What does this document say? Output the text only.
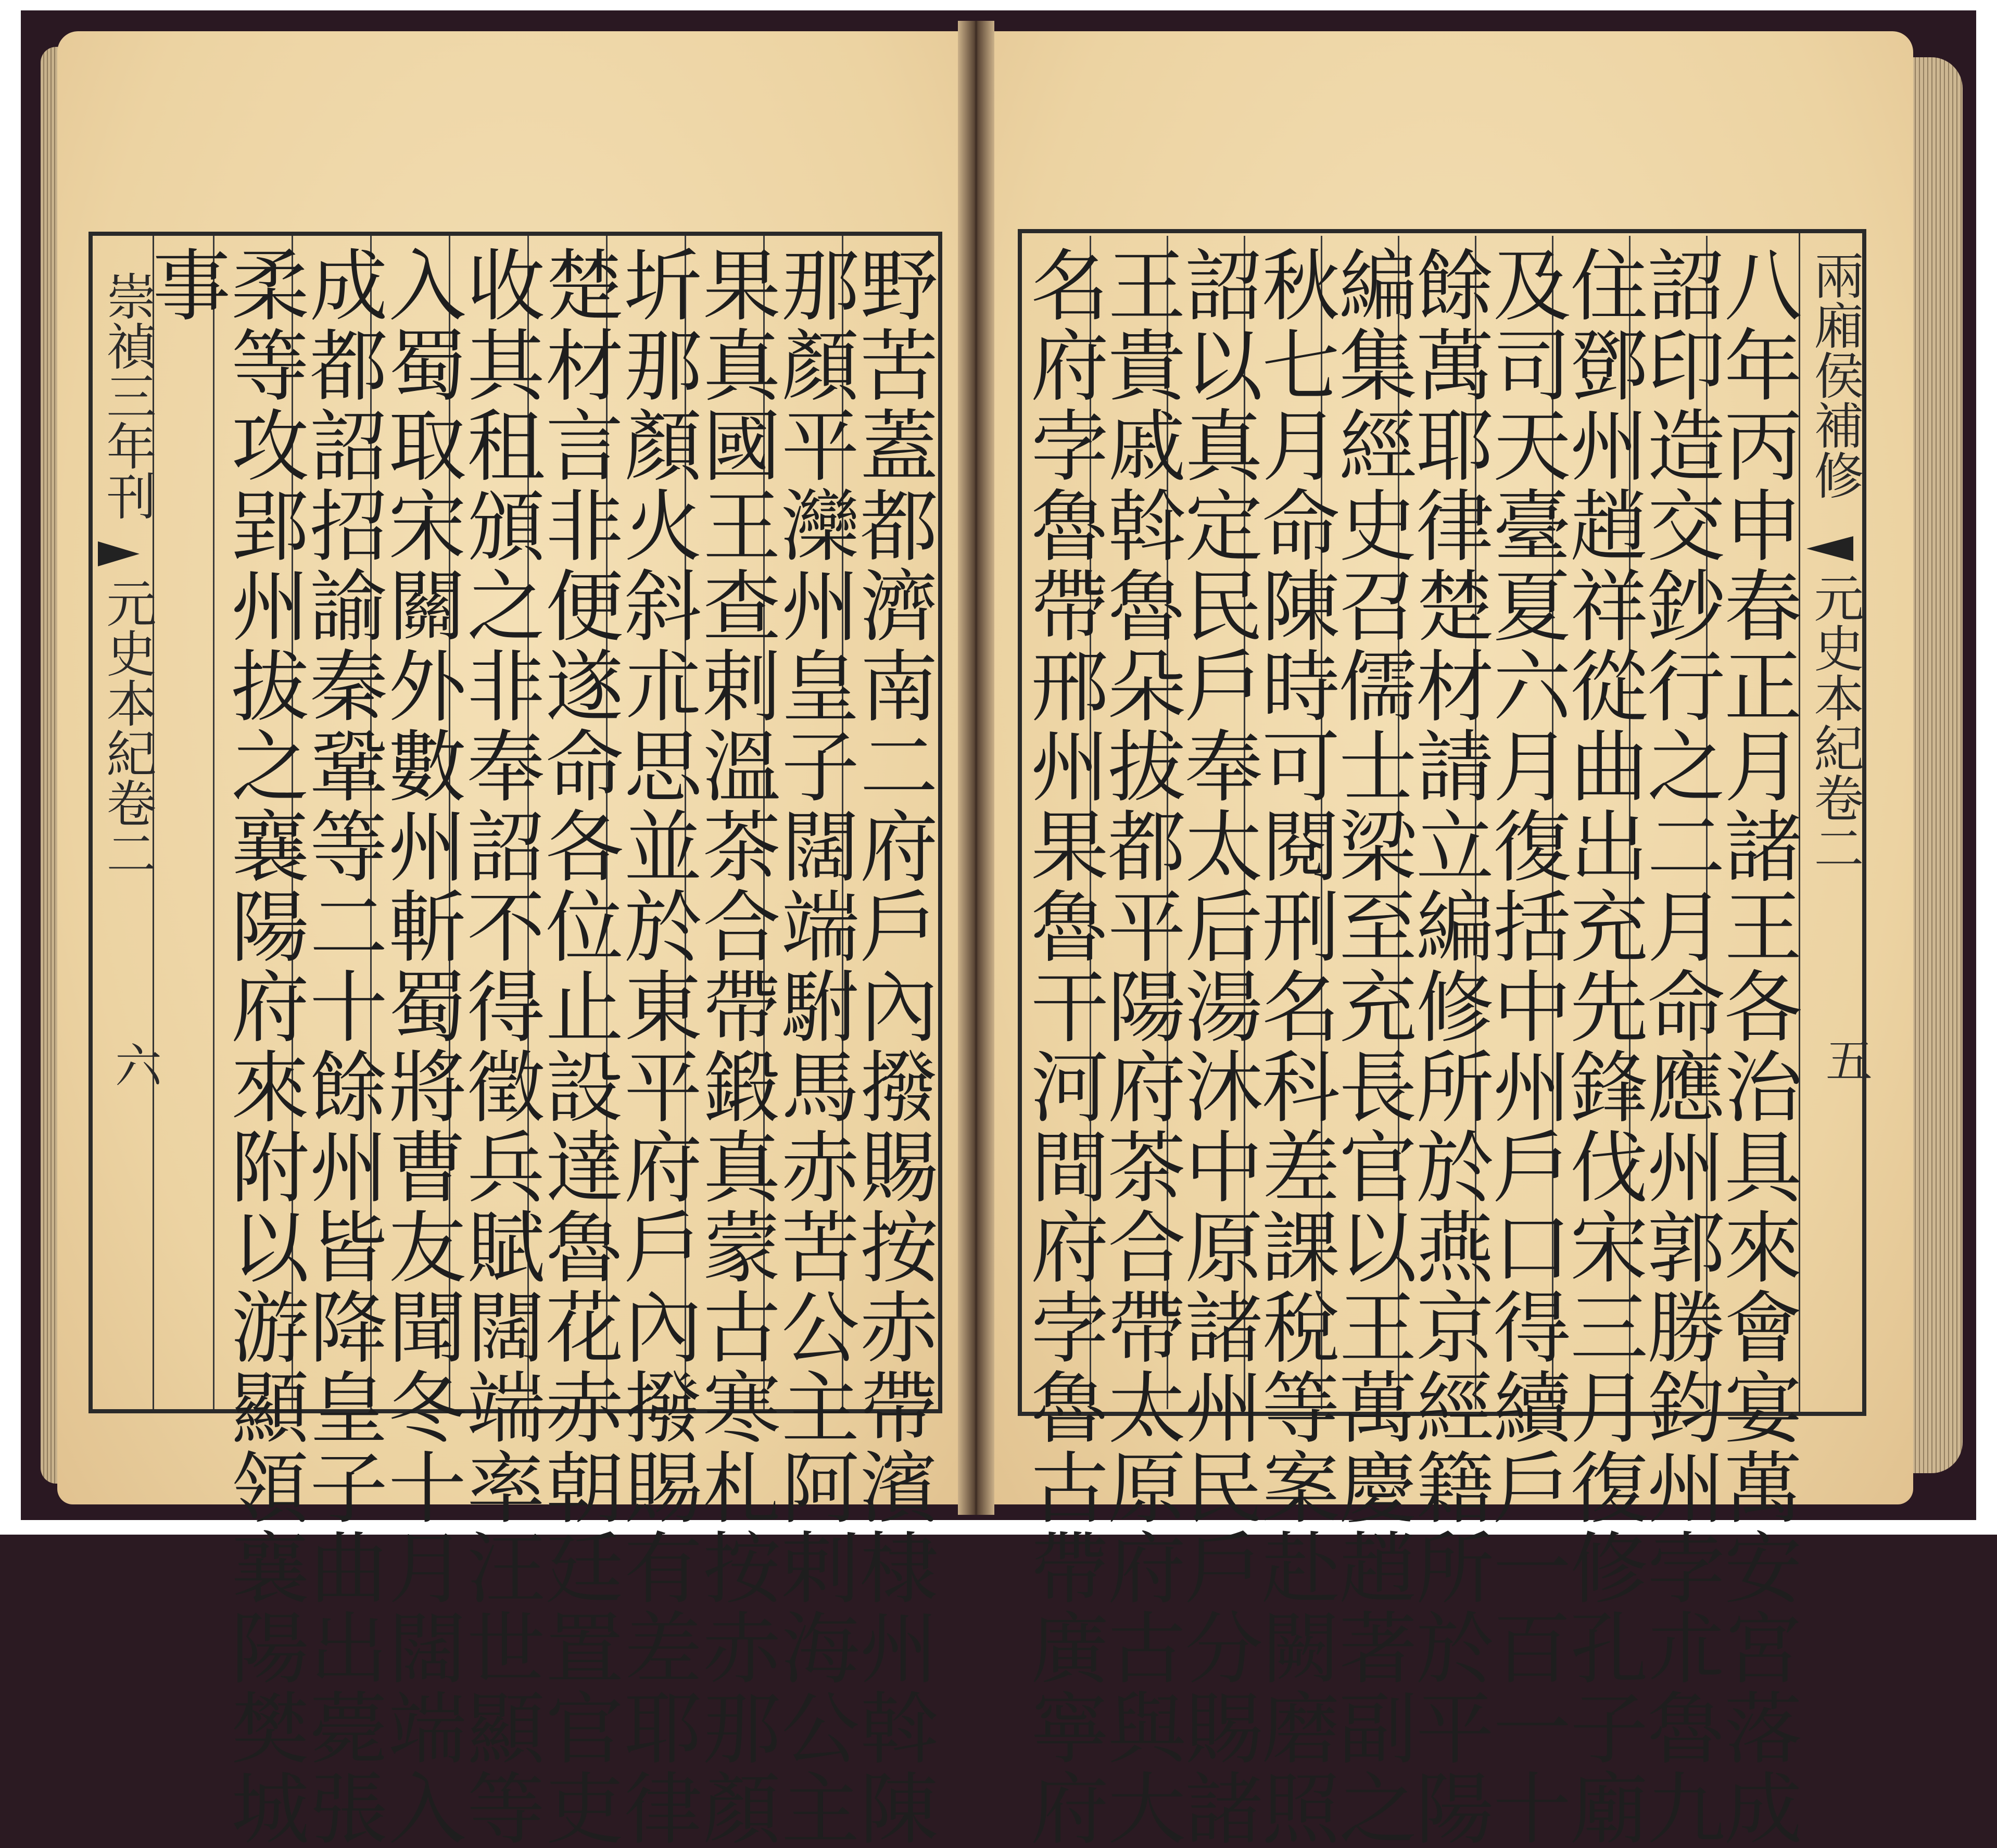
崇禎三年刊
元史本紀卷二
六	野苦蓋都濟南二府戶內撥賜按赤帶濱棣州斡陳
那顏平灤州皇子闊端駙馬赤苦公主阿剌海公主
果真國王查剌溫茶合帶鍛真蒙古寒札按赤那顏
圻那顏火斜朮思並於東平府戶內撥賜有差耶律
楚材言非便遂命各位止設達魯花赤朝廷置官吏
收其租頒之非奉詔不得徵兵賦闊端率汪世顯等
入蜀取宋關外數州斬蜀將曹友聞冬十月闊端入
成都詔招諭秦鞏等二十餘州皆降皇子曲出薨張
柔等攻郢州拔之襄陽府來附以游顯領襄陽樊城
事	兩廂侯補修
元史本紀卷二
五
八年丙申春正月諸王各治具來會宴萬安宮落成
詔印造交鈔行之二月命應州郭勝鈞州孛朮魯九
住鄧州趙祥從曲出充先鋒伐宋三月復修孔子廟
及司天臺夏六月復括中州戶口得續戶一百一十
餘萬耶律楚材請立編修所於燕京經籍所於平陽
編集經史召儒士梁至充長官以王萬慶趙著副之
秋七月命陳時可閱刑名科差課稅等案赴闕磨照
詔以真定民戶奉太后湯沐中原諸州民戶分賜諸
王貴戚斡魯朵拔都平陽府茶合帶太原府古與大
名府孛魯帶邢州果魯干河間府孛魯古帶廣寧府
